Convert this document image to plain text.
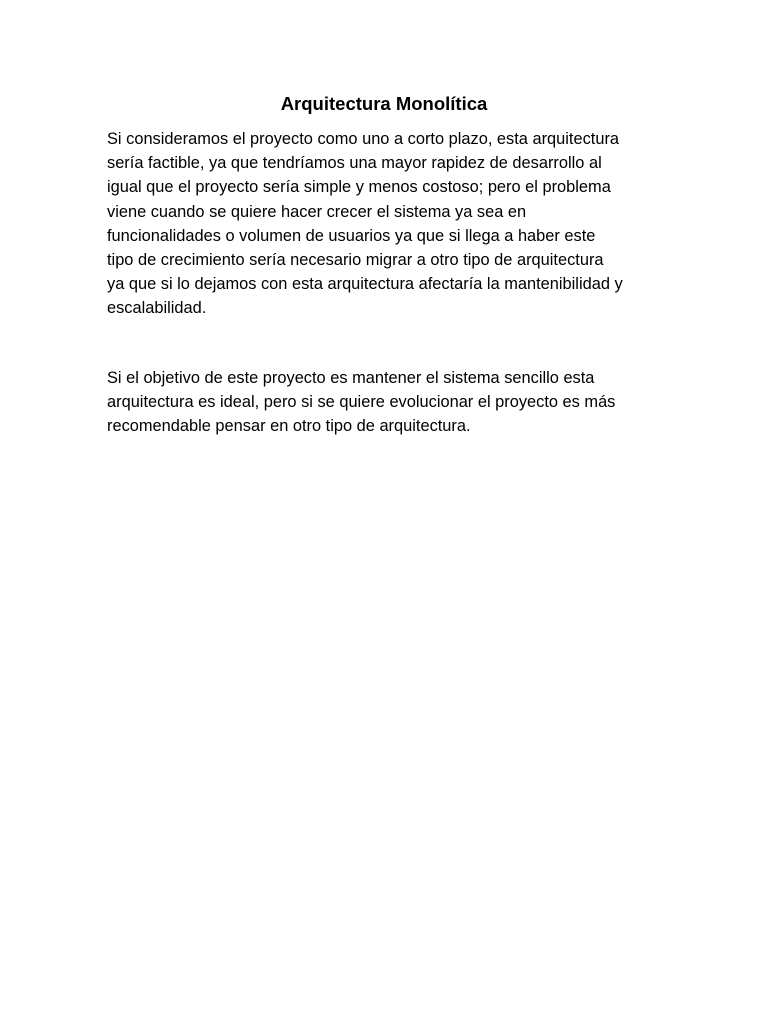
Arquitectura Monolítica

Si consideramos el proyecto como uno a corto plazo, esta arquitectura
sería factible, ya que tendríamos una mayor rapidez de desarrollo al
igual que el proyecto sería simple y menos costoso; pero el problema
viene cuando se quiere hacer crecer el sistema ya sea en
funcionalidades o volumen de usuarios ya que si llega a haber este
tipo de crecimiento sería necesario migrar a otro tipo de arquitectura
ya que si lo dejamos con esta arquitectura afectaría la mantenibilidad y
escalabilidad.

Si el objetivo de este proyecto es mantener el sistema sencillo esta
arquitectura es ideal, pero si se quiere evolucionar el proyecto es más
recomendable pensar en otro tipo de arquitectura.
